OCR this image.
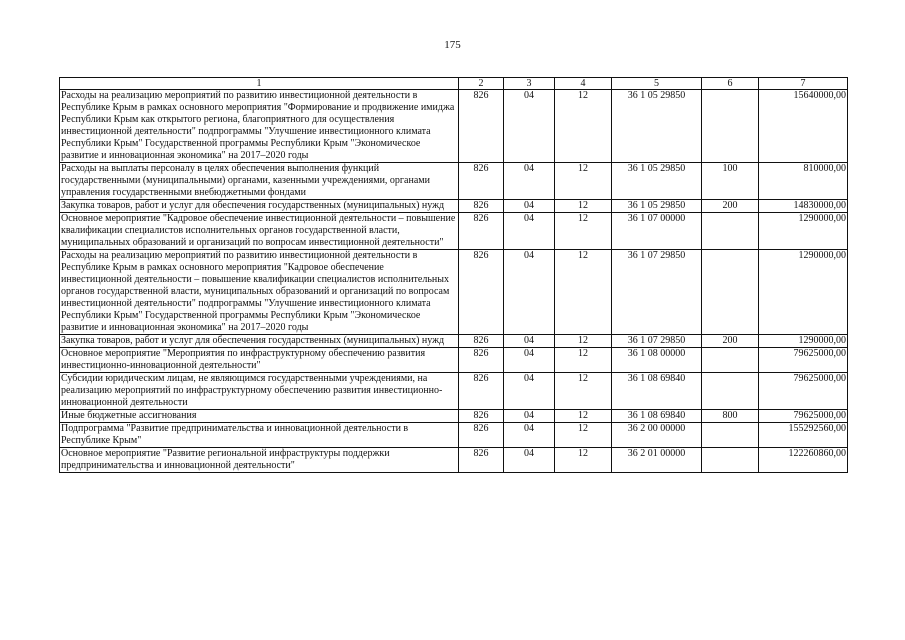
175
1	2	3	4	5	6	7
Расходы на реализацию мероприятий по развитию инвестиционной деятельности в Республике Крым в рамках основного мероприятия "Формирование и продвижение имиджа Республики Крым как открытого региона, благоприятного для осуществления инвестиционной деятельности" подпрограммы "Улучшение инвестиционного климата Республики Крым" Государственной программы Республики Крым "Экономическое развитие и инновационная экономика" на 2017–2020 годы	826	04	12	36 1 05 29850		15640000,00
Расходы на выплаты персоналу в целях обеспечения выполнения функций государственными (муниципальными) органами, казенными учреждениями, органами управления государственными внебюджетными фондами	826	04	12	36 1 05 29850	100	810000,00
Закупка товаров, работ и услуг для обеспечения государственных (муниципальных) нужд	826	04	12	36 1 05 29850	200	14830000,00
Основное мероприятие "Кадровое обеспечение инвестиционной деятельности – повышение квалификации специалистов исполнительных органов государственной власти, муниципальных образований и организаций по вопросам инвестиционной деятельности"	826	04	12	36 1 07 00000		1290000,00
Расходы на реализацию мероприятий по развитию инвестиционной деятельности в Республике Крым в рамках основного мероприятия "Кадровое обеспечение инвестиционной деятельности – повышение квалификации специалистов исполнительных органов государственной власти, муниципальных образований и организаций по вопросам инвестиционной деятельности" подпрограммы "Улучшение инвестиционного климата Республики Крым" Государственной программы Республики Крым "Экономическое развитие и инновационная экономика" на 2017–2020 годы	826	04	12	36 1 07 29850		1290000,00
Закупка товаров, работ и услуг для обеспечения государственных (муниципальных) нужд	826	04	12	36 1 07 29850	200	1290000,00
Основное мероприятие "Мероприятия по инфраструктурному обеспечению развития инвестиционно-инновационной деятельности"	826	04	12	36 1 08 00000		79625000,00
Субсидии юридическим лицам, не являющимся государственными учреждениями, на реализацию мероприятий по инфраструктурному обеспечению развития инвестиционно-инновационной деятельности	826	04	12	36 1 08 69840		79625000,00
Иные бюджетные ассигнования	826	04	12	36 1 08 69840	800	79625000,00
Подпрограмма "Развитие предпринимательства и инновационной деятельности в Республике Крым"	826	04	12	36 2 00 00000		155292560,00
Основное мероприятие "Развитие региональной инфраструктуры поддержки предпринимательства и инновационной деятельности"	826	04	12	36 2 01 00000		122260860,00
